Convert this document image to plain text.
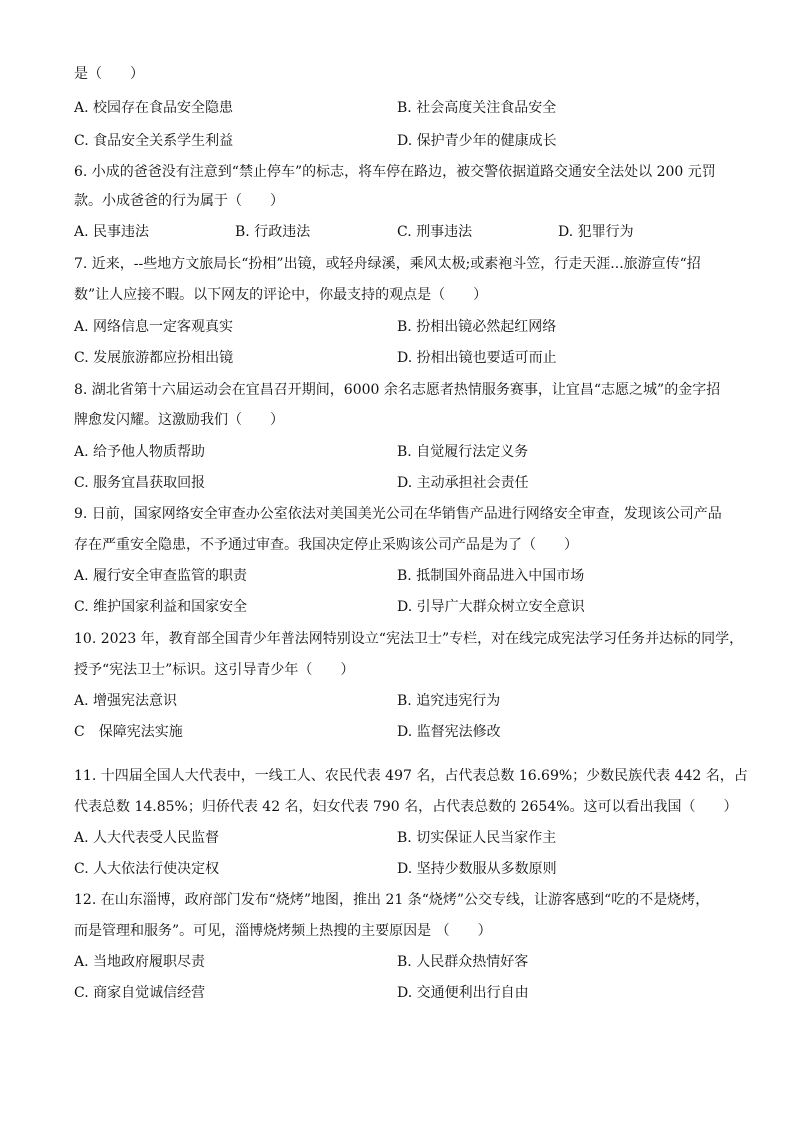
是（　　）
A. 校园存在食品安全隐患	B. 社会高度关注食品安全
C. 食品安全关系学生利益	D. 保护青少年的健康成长
6. 小成的爸爸没有注意到“禁止停车”的标志，将车停在路边，被交警依据道路交通安全法处以 200 元罚
款。小成爸爸的行为属于（　　）
A. 民事违法	B. 行政违法	C. 刑事违法	D. 犯罪行为
7. 近来，--些地方文旅局长“扮相”出镜，或轻舟绿溪，乘风太极;或素袍斗笠，行走天涯...旅游宣传“招
数”让人应接不暇。以下网友的评论中，你最支持的观点是（　　）
A. 网络信息一定客观真实	B. 扮相出镜必然起红网络
C. 发展旅游都应扮相出镜	D. 扮相出镜也要适可而止
8. 湖北省第十六届运动会在宜昌召开期间，6000 余名志愿者热情服务赛事，让宜昌“志愿之城”的金字招
牌愈发闪耀。这激励我们（　　）
A. 给予他人物质帮助	B. 自觉履行法定义务
C. 服务宜昌获取回报	D. 主动承担社会责任
9. 日前，国家网络安全审查办公室依法对美国美光公司在华销售产品进行网络安全审查，发现该公司产品
存在严重安全隐患，不予通过审查。我国决定停止采购该公司产品是为了（　　）
A. 履行安全审查监管的职责	B. 抵制国外商品进入中国市场
C. 维护国家利益和国家安全	D. 引导广大群众树立安全意识
10. 2023 年，教育部全国青少年普法网特别设立“宪法卫士”专栏，对在线完成宪法学习任务并达标的同学，
授予“宪法卫士”标识。这引导青少年（　　）
A. 增强宪法意识	B. 追究违宪行为
C　保障宪法实施	D. 监督宪法修改
11. 十四届全国人大代表中，一线工人、农民代表 497 名，占代表总数 16.69%；少数民族代表 442 名，占
代表总数 14.85%；归侨代表 42 名，妇女代表 790 名，占代表总数的 2654%。这可以看出我国（　　）
A. 人大代表受人民监督	B. 切实保证人民当家作主
C. 人大依法行使决定权	D. 坚持少数服从多数原则
12. 在山东淄博，政府部门发布“烧烤”地图，推出 21 条“烧烤”公交专线，让游客感到“吃的不是烧烤，
而是管理和服务”。可见，淄博烧烤频上热搜的主要原因是 （　　）
A. 当地政府履职尽责	B. 人民群众热情好客
C. 商家自觉诚信经营	D. 交通便利出行自由
